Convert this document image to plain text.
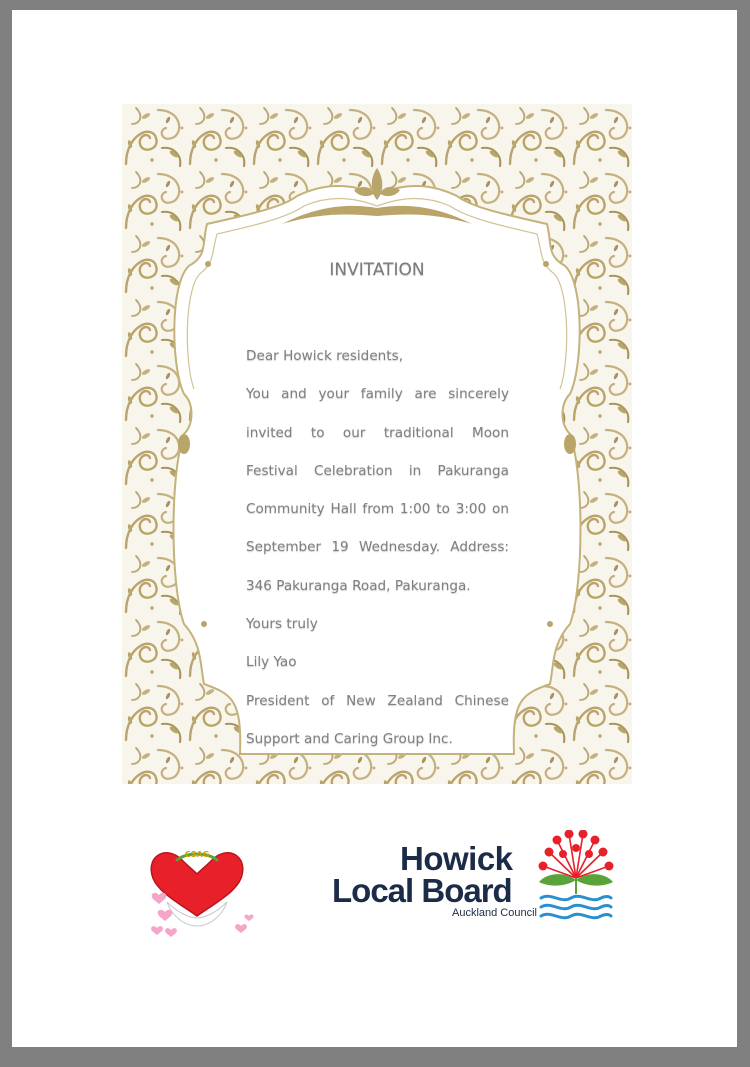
INVITATION
Dear Howick residents,
You and your family are sincerely
invited to our traditional Moon
Festival Celebration in Pakuranga
Community Hall from 1:00 to 3:00 on
September 19 Wednesday. Address:
346 Pakuranga Road, Pakuranga.
Yours truly
Lily Yao
President of New Zealand Chinese
Support and Caring Group Inc.
CSAG	Howick
Local Board
Auckland Council
